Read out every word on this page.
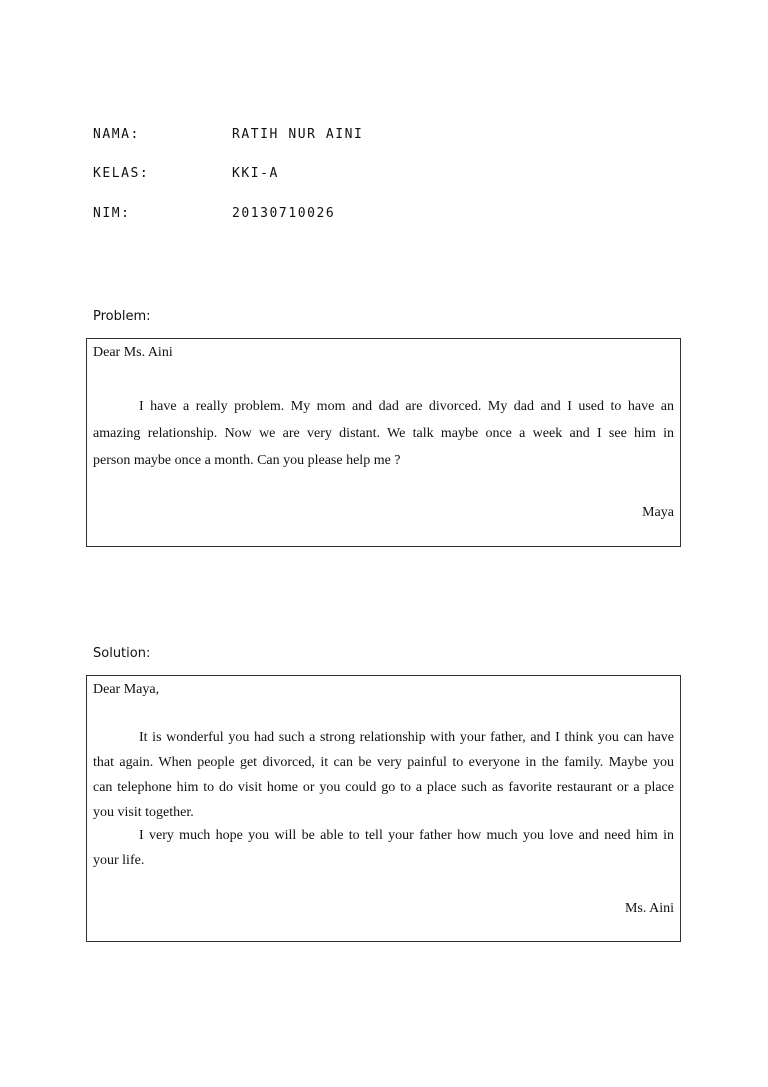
NAMA:	RATIH NUR AINI
KELAS:	KKI-A
NIM:	20130710026
Problem:
Dear Ms. Aini
I have a really problem. My mom and dad are divorced. My dad and I used to have an
amazing relationship. Now we are very distant. We talk maybe once a week and I see him in
person maybe once a month. Can you please help me ?
Maya
Solution:
Dear Maya,
It is wonderful you had such a strong relationship with your father, and I think you can have
that again. When people get divorced, it can be very painful to everyone in the family. Maybe you
can telephone him to do visit home or you could go to a place such as favorite restaurant or a place
you visit together.
I very much hope you will be able to tell your father how much you love and need him in
your life.
Ms. Aini
